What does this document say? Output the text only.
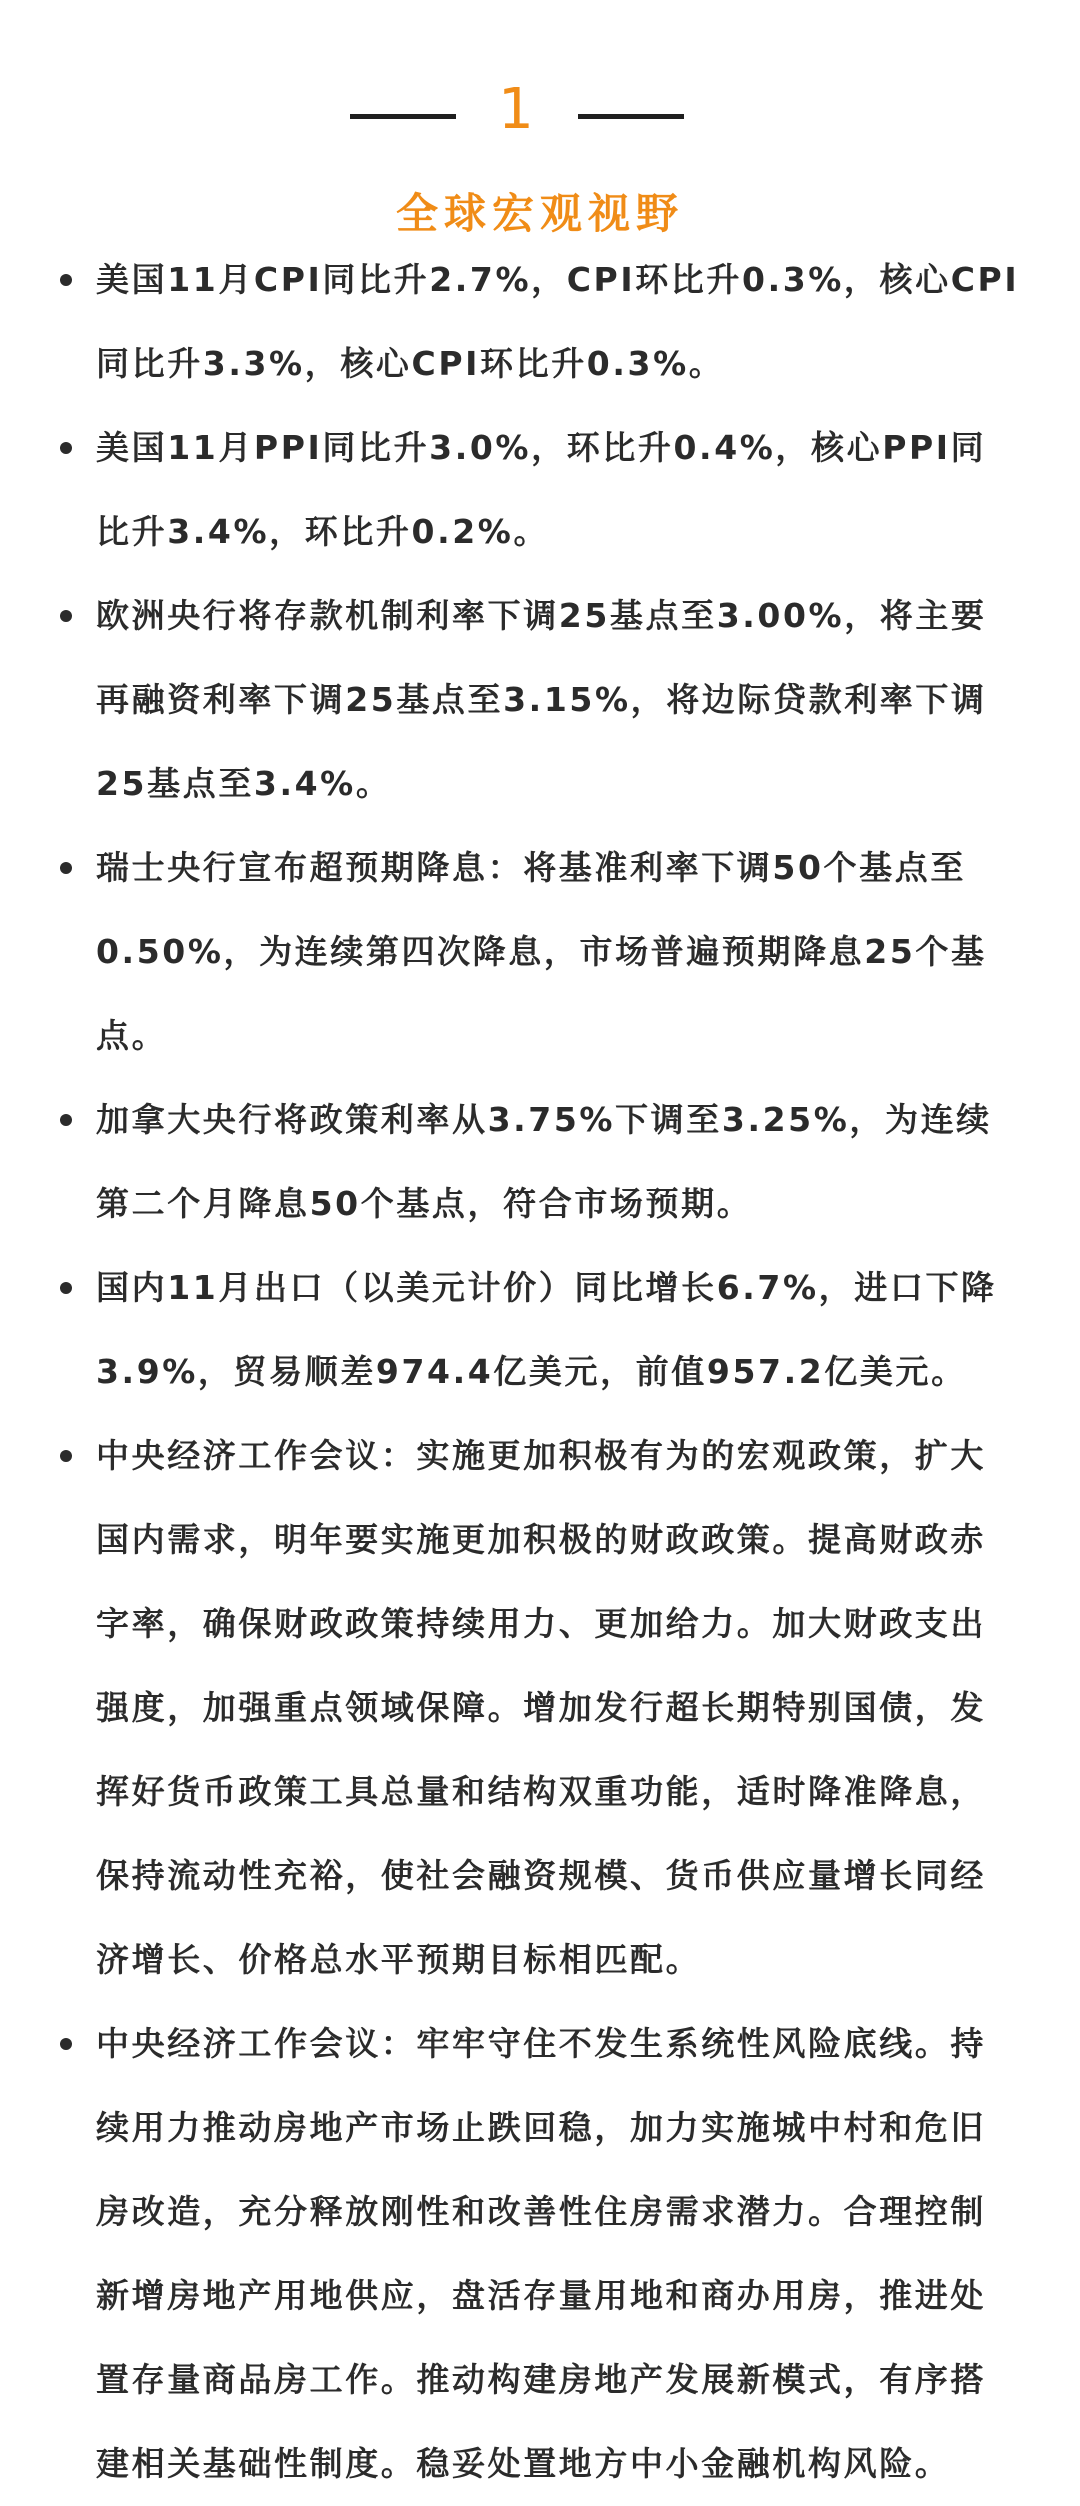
1
全球宏观视野
美国11月CPI同比升2.7%，CPI环比升0.3%，核心CPI同比升3.3%，核心CPI环比升0.3%。
美国11月PPI同比升3.0%，环比升0.4%，核心PPI同比升3.4%，环比升0.2%。
欧洲央行将存款机制利率下调25基点至3.00%，将主要再融资利率下调25基点至3.15%，将边际贷款利率下调25基点至3.4%。
瑞士央行宣布超预期降息：将基准利率下调50个基点至0.50%，为连续第四次降息，市场普遍预期降息25个基点。
加拿大央行将政策利率从3.75%下调至3.25%，为连续第二个月降息50个基点，符合市场预期。
国内11月出口（以美元计价）同比增长6.7%，进口下降3.9%，贸易顺差974.4亿美元，前值957.2亿美元。
中央经济工作会议：实施更加积极有为的宏观政策，扩大国内需求，明年要实施更加积极的财政政策。提高财政赤字率，确保财政政策持续用力、更加给力。加大财政支出强度，加强重点领域保障。增加发行超长期特别国债，发挥好货币政策工具总量和结构双重功能，适时降准降息，保持流动性充裕，使社会融资规模、货币供应量增长同经济增长、价格总水平预期目标相匹配。
中央经济工作会议：牢牢守住不发生系统性风险底线。持续用力推动房地产市场止跌回稳，加力实施城中村和危旧房改造，充分释放刚性和改善性住房需求潜力。合理控制新增房地产用地供应，盘活存量用地和商办用房，推进处置存量商品房工作。推动构建房地产发展新模式，有序搭建相关基础性制度。稳妥处置地方中小金融机构风险。
